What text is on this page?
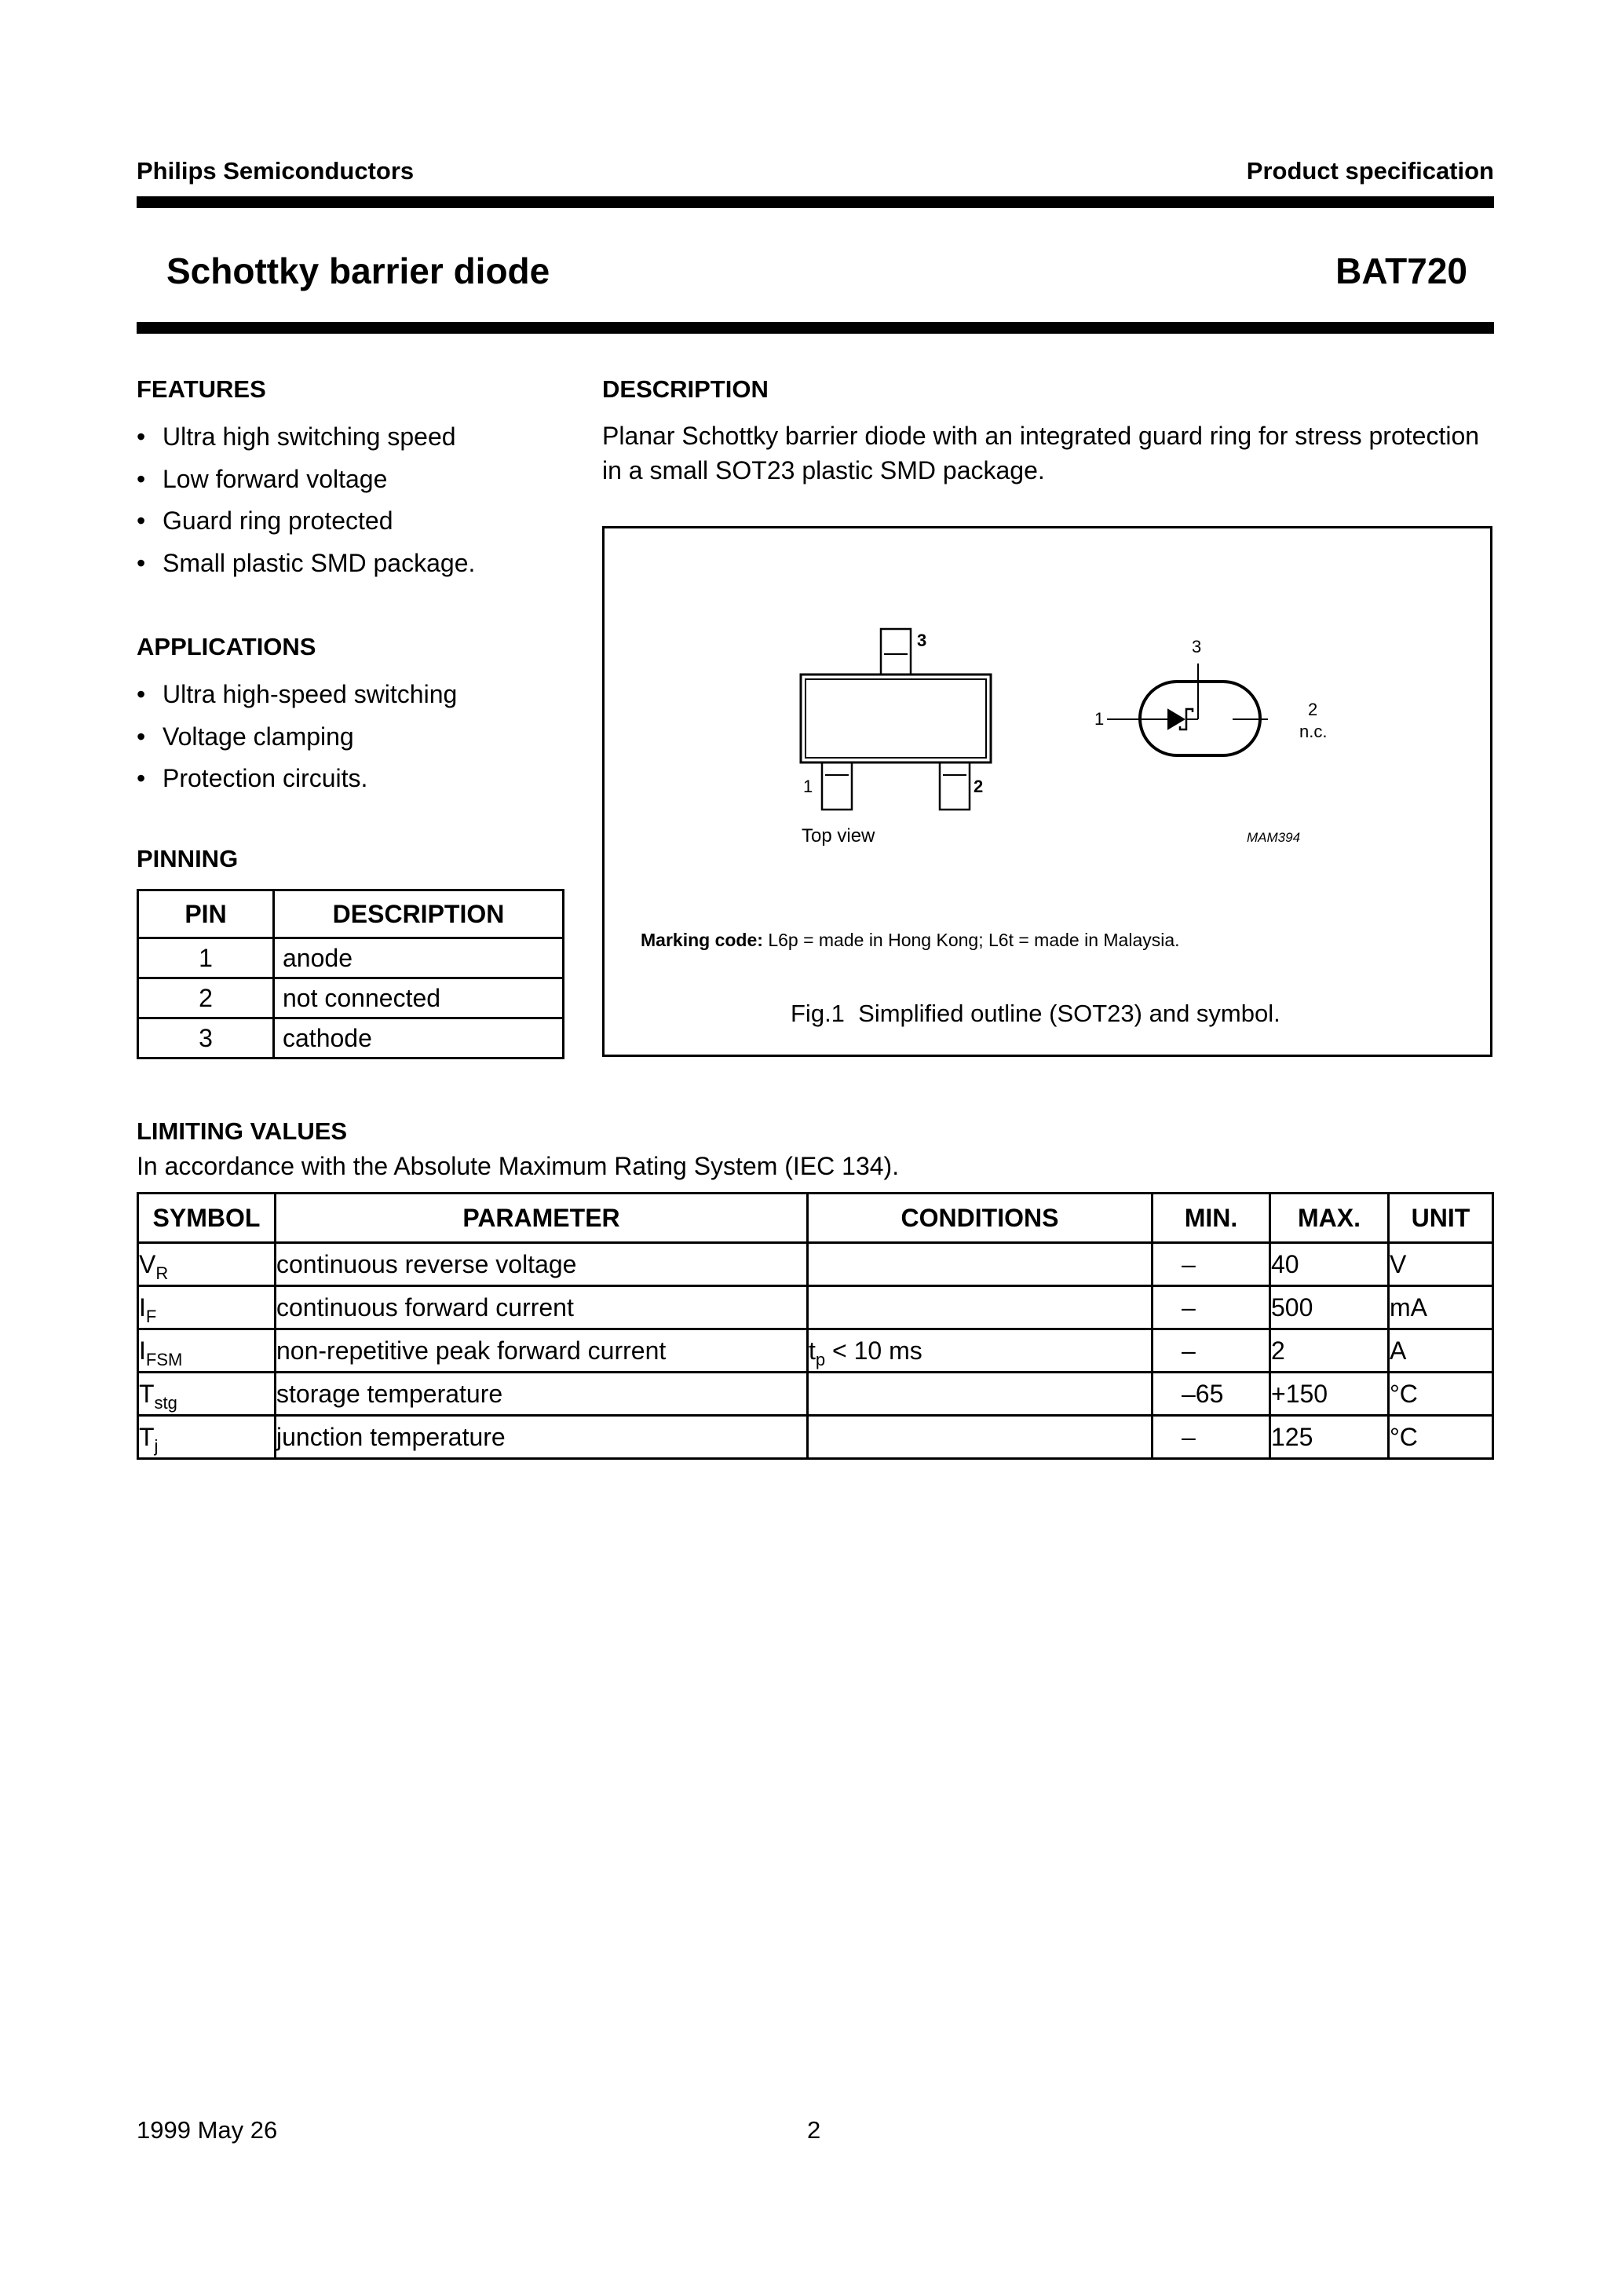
Philips Semiconductors	Product specification
Schottky barrier diode	BAT720
FEATURES
• Ultra high switching speed
• Low forward voltage
• Guard ring protected
• Small plastic SMD package.
APPLICATIONS
• Ultra high-speed switching
• Voltage clamping
• Protection circuits.
PINNING
PIN	DESCRIPTION
1	anode
2	not connected
3	cathode
DESCRIPTION
Planar Schottky barrier diode with an integrated guard ring for stress protection in a small SOT23 plastic SMD package.
3
1	2
Top view
3
1	2
n.c.
MAM394
Marking code: L6p = made in Hong Kong; L6t = made in Malaysia.
Fig.1 Simplified outline (SOT23) and symbol.
LIMITING VALUES
In accordance with the Absolute Maximum Rating System (IEC 134).
SYMBOL	PARAMETER	CONDITIONS	MIN.	MAX.	UNIT
$V_R$	continuous reverse voltage		–	40	V
$I_F$	continuous forward current		–	500	mA
$I_{FSM}$	non-repetitive peak forward current	$t_p < 10$ ms	–	2	A
$T_{stg}$	storage temperature		–65	+150	°C
$T_j$	junction temperature		–	125	°C
1999 May 26	2
